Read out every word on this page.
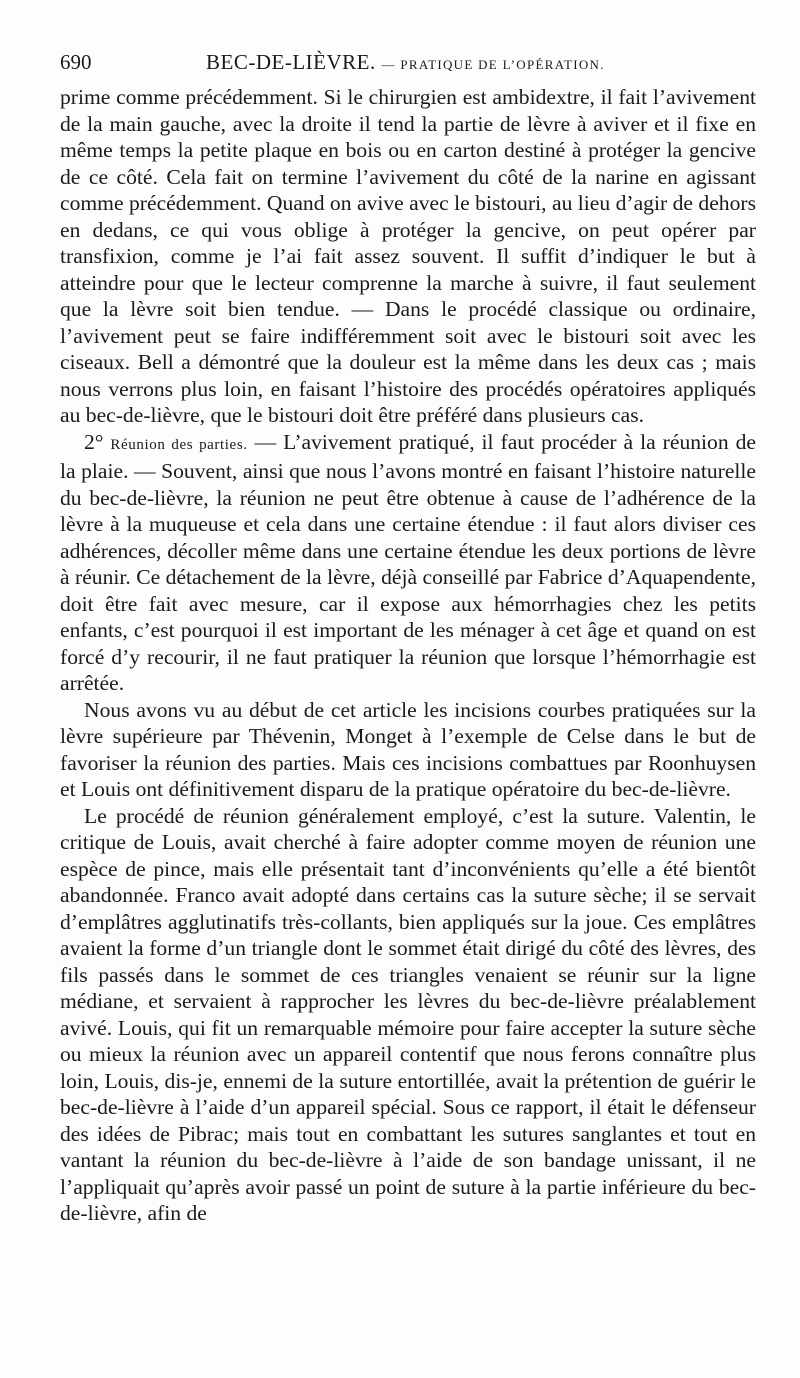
690	BEC-DE-LIÈVRE. — PRATIQUE DE L’OPÉRATION.

prime comme précédemment. Si le chirurgien est ambidextre, il fait l’avivement de la main gauche, avec la droite il tend la partie de lèvre à aviver et il fixe en même temps la petite plaque en bois ou en carton destiné à protéger la gencive de ce côté. Cela fait on termine l’avivement du côté de la narine en agissant comme précédemment. Quand on avive avec le bistouri, au lieu d’agir de dehors en dedans, ce qui vous oblige à protéger la gencive, on peut opérer par transfixion, comme je l’ai fait assez souvent. Il suffit d’indiquer le but à atteindre pour que le lecteur comprenne la marche à suivre, il faut seulement que la lèvre soit bien tendue. — Dans le procédé classique ou ordinaire, l’avivement peut se faire indifféremment soit avec le bistouri soit avec les ciseaux. Bell a démontré que la douleur est la même dans les deux cas ; mais nous verrons plus loin, en faisant l’histoire des procédés opératoires appliqués au bec-de-lièvre, que le bistouri doit être préféré dans plusieurs cas.

2° Réunion des parties. — L’avivement pratiqué, il faut procéder à la réunion de la plaie. — Souvent, ainsi que nous l’avons montré en faisant l’histoire naturelle du bec-de-lièvre, la réunion ne peut être obtenue à cause de l’adhérence de la lèvre à la muqueuse et cela dans une certaine étendue : il faut alors diviser ces adhérences, décoller même dans une certaine étendue les deux portions de lèvre à réunir. Ce détachement de la lèvre, déjà conseillé par Fabrice d’Aquapendente, doit être fait avec mesure, car il expose aux hémorrhagies chez les petits enfants, c’est pourquoi il est important de les ménager à cet âge et quand on est forcé d’y recourir, il ne faut pratiquer la réunion que lorsque l’hémorrhagie est arrêtée.

Nous avons vu au début de cet article les incisions courbes pratiquées sur la lèvre supérieure par Thévenin, Monget à l’exemple de Celse dans le but de favoriser la réunion des parties. Mais ces incisions combattues par Roonhuysen et Louis ont définitivement disparu de la pratique opératoire du bec-de-lièvre.

Le procédé de réunion généralement employé, c’est la suture. Valentin, le critique de Louis, avait cherché à faire adopter comme moyen de réunion une espèce de pince, mais elle présentait tant d’inconvénients qu’elle a été bientôt abandonnée. Franco avait adopté dans certains cas la suture sèche; il se servait d’emplâtres agglutinatifs très-collants, bien appliqués sur la joue. Ces emplâtres avaient la forme d’un triangle dont le sommet était dirigé du côté des lèvres, des fils passés dans le sommet de ces triangles venaient se réunir sur la ligne médiane, et servaient à rapprocher les lèvres du bec-de-lièvre préalablement avivé. Louis, qui fit un remarquable mémoire pour faire accepter la suture sèche ou mieux la réunion avec un appareil contentif que nous ferons connaître plus loin, Louis, dis-je, ennemi de la suture entortillée, avait la prétention de guérir le bec-de-lièvre à l’aide d’un appareil spécial. Sous ce rapport, il était le défenseur des idées de Pibrac; mais tout en combattant les sutures sanglantes et tout en vantant la réunion du bec-de-lièvre à l’aide de son bandage unissant, il ne l’appliquait qu’après avoir passé un point de suture à la partie inférieure du bec-de-lièvre, afin de
